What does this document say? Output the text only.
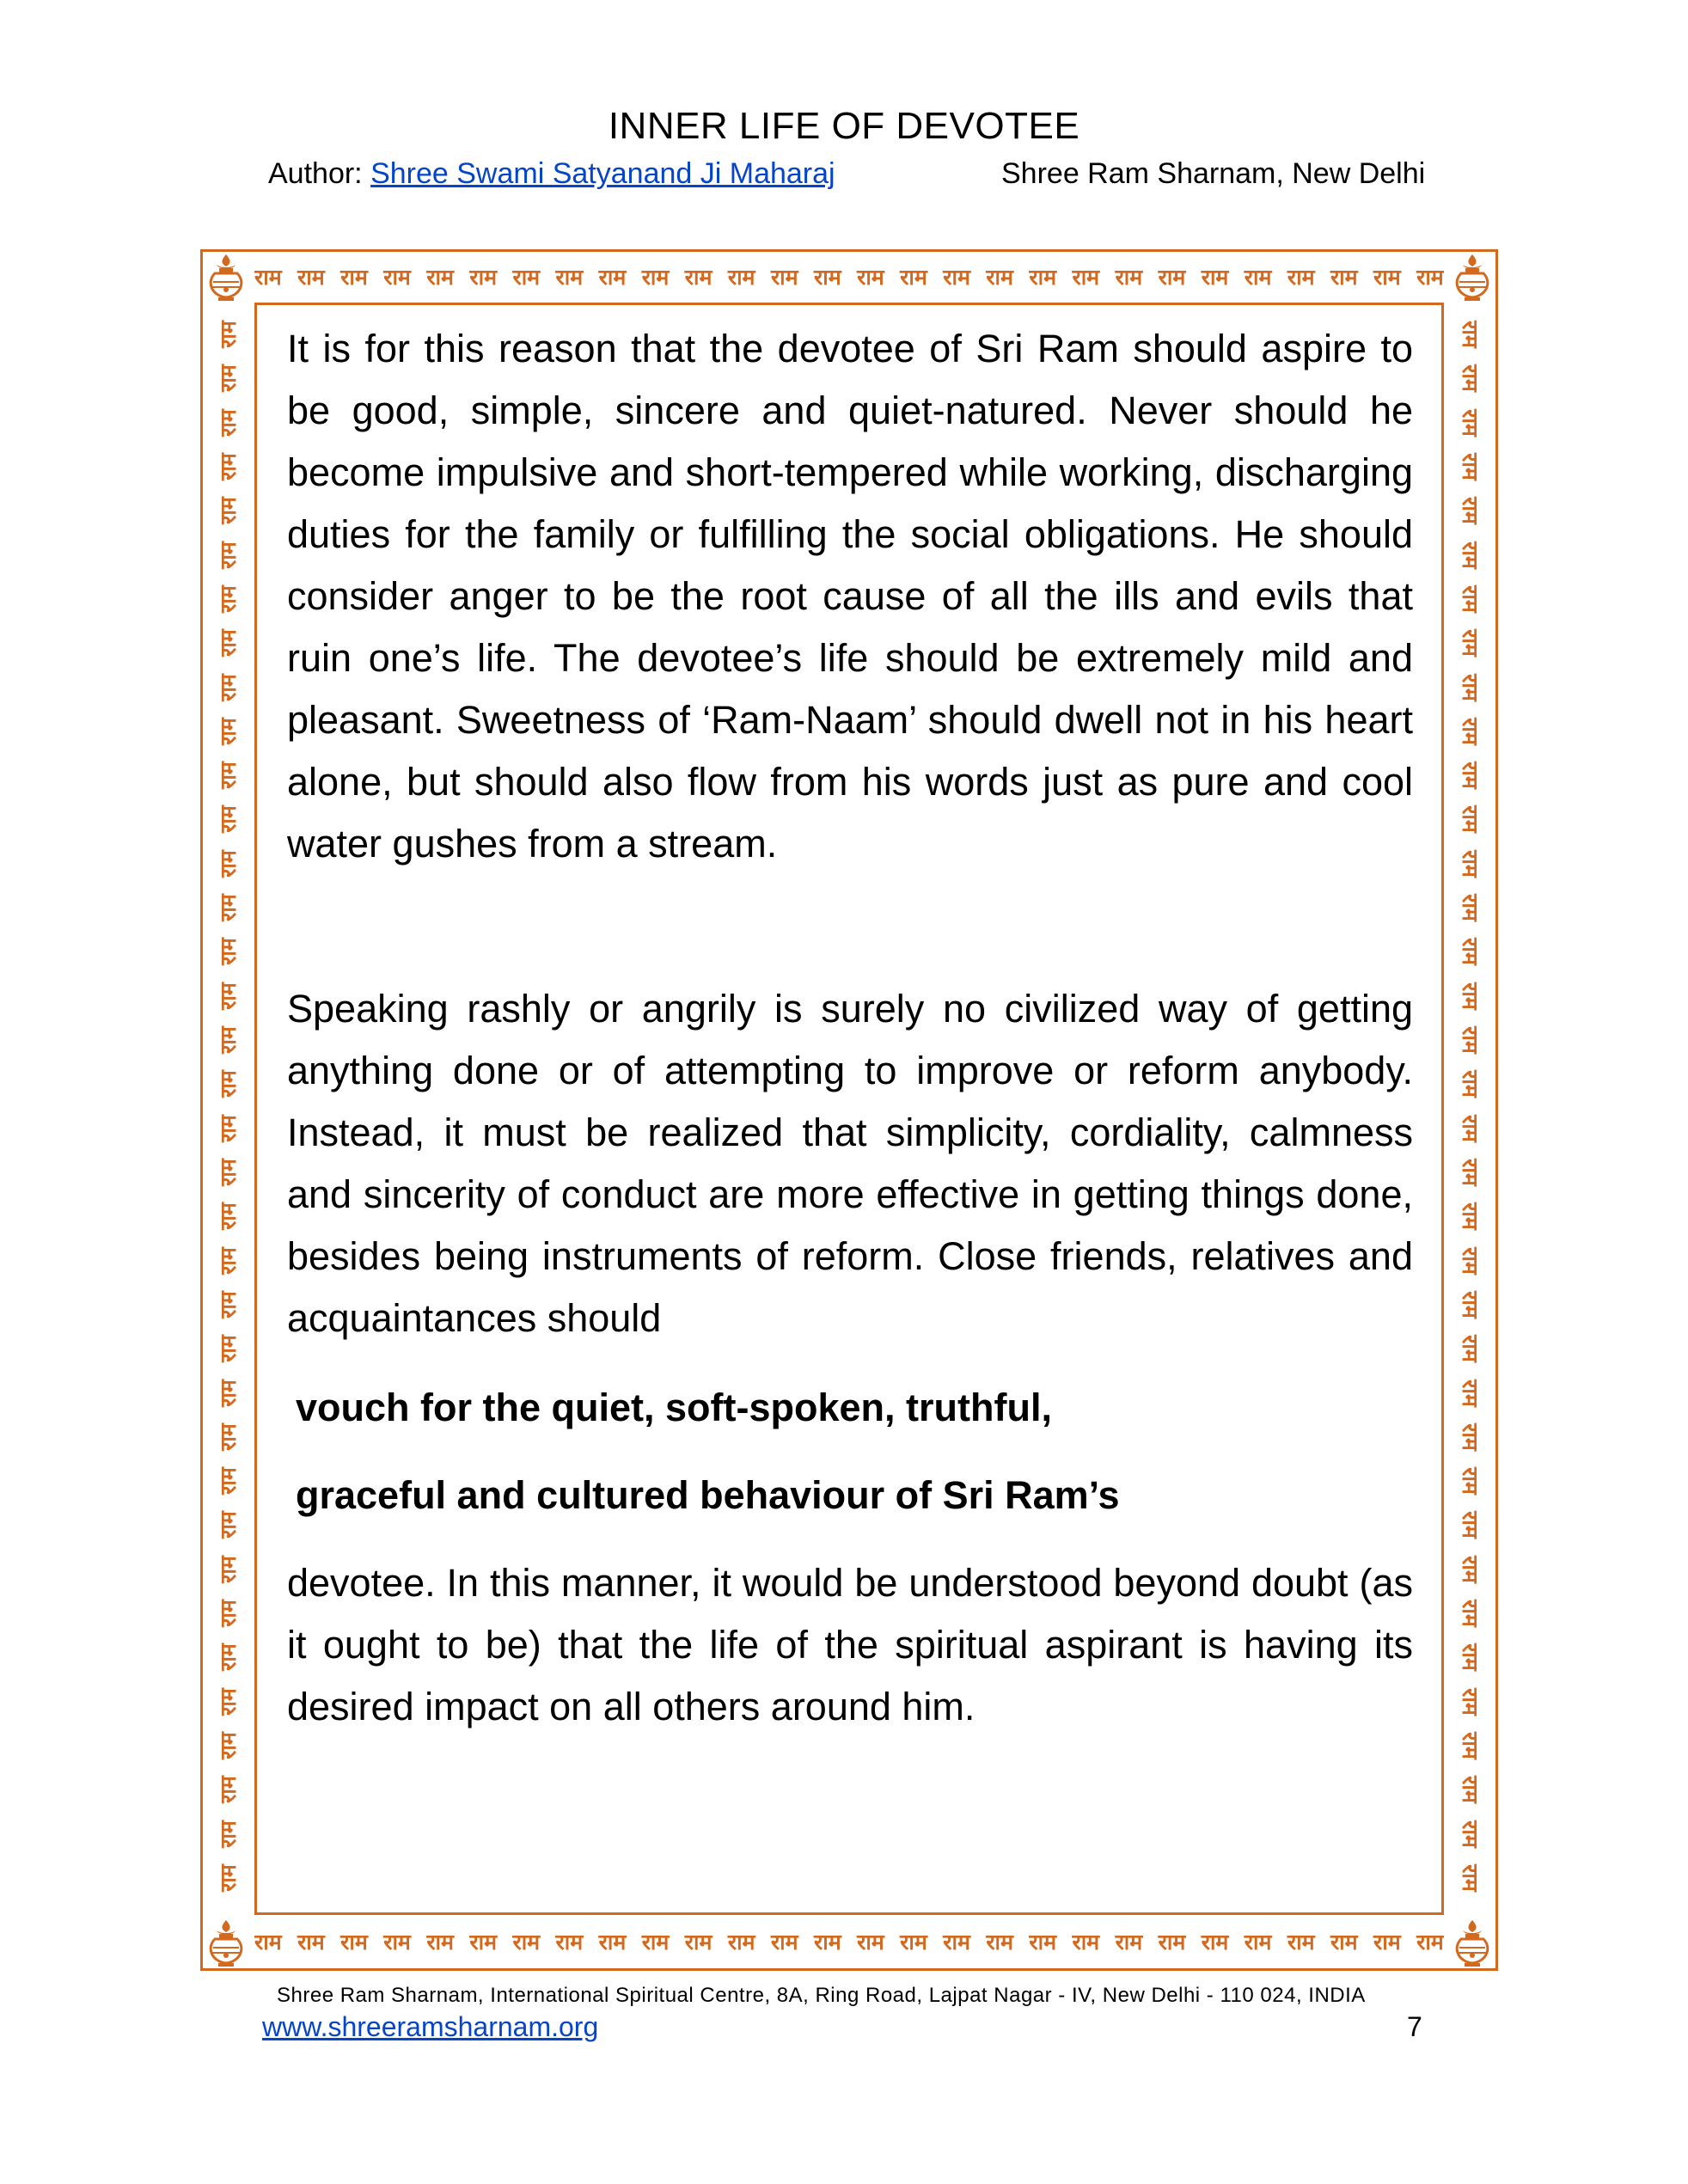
INNER LIFE OF DEVOTEE
Author: Shree Swami Satyanand Ji Maharaj	Shree Ram Sharnam, New Delhi
राम राम राम राम राम राम राम राम राम राम राम राम राम राम राम राम राम राम राम राम राम राम राम राम राम राम राम राम
राम राम राम राम राम राम राम राम राम राम राम राम राम राम राम राम राम राम राम राम राम राम राम राम राम राम राम राम
राम
राम
राम
राम
राम
राम
राम
राम
राम
राम
राम
राम
राम
राम
राम
राम
राम
राम
राम
राम
राम
राम
राम
राम
राम
राम
राम
राम
राम
राम
राम
राम
राम
राम
राम
राम
राम
राम
राम
राम
राम
राम
राम
राम
राम
राम
राम
राम
राम
राम
राम
राम
राम
राम
राम
राम
राम
राम
राम
राम
राम
राम
राम
राम
राम
राम
राम
राम
राम
राम
राम
राम

It is for this reason that the devotee of Sri Ram should aspire to be good, simple, sincere and quiet-natured. Never should he become impulsive and short-tempered while working, discharging duties for the family or fulfilling the social obligations. He should consider anger to be the root cause of all the ills and evils that ruin one’s life. The devotee’s life should be extremely mild and pleasant. Sweetness of ‘Ram-Naam’ should dwell not in his heart alone, but should also flow from his words just as pure and cool water gushes from a stream.

Speaking rashly or angrily is surely no civilized way of getting anything done or of attempting to improve or reform anybody. Instead, it must be realized that simplicity, cordiality, calmness and sincerity of conduct are more effective in getting things done, besides being instruments of reform. Close friends, relatives and acquaintances should

vouch for the quiet, soft-spoken, truthful,

graceful and cultured behaviour of Sri Ram’s

devotee. In this manner, it would be understood beyond doubt (as it ought to be) that the life of the spiritual aspirant is having its desired impact on all others around him.

Shree Ram Sharnam, International Spiritual Centre, 8A, Ring Road, Lajpat Nagar - IV, New Delhi - 110 024, INDIA
www.shreeramsharnam.org	7
